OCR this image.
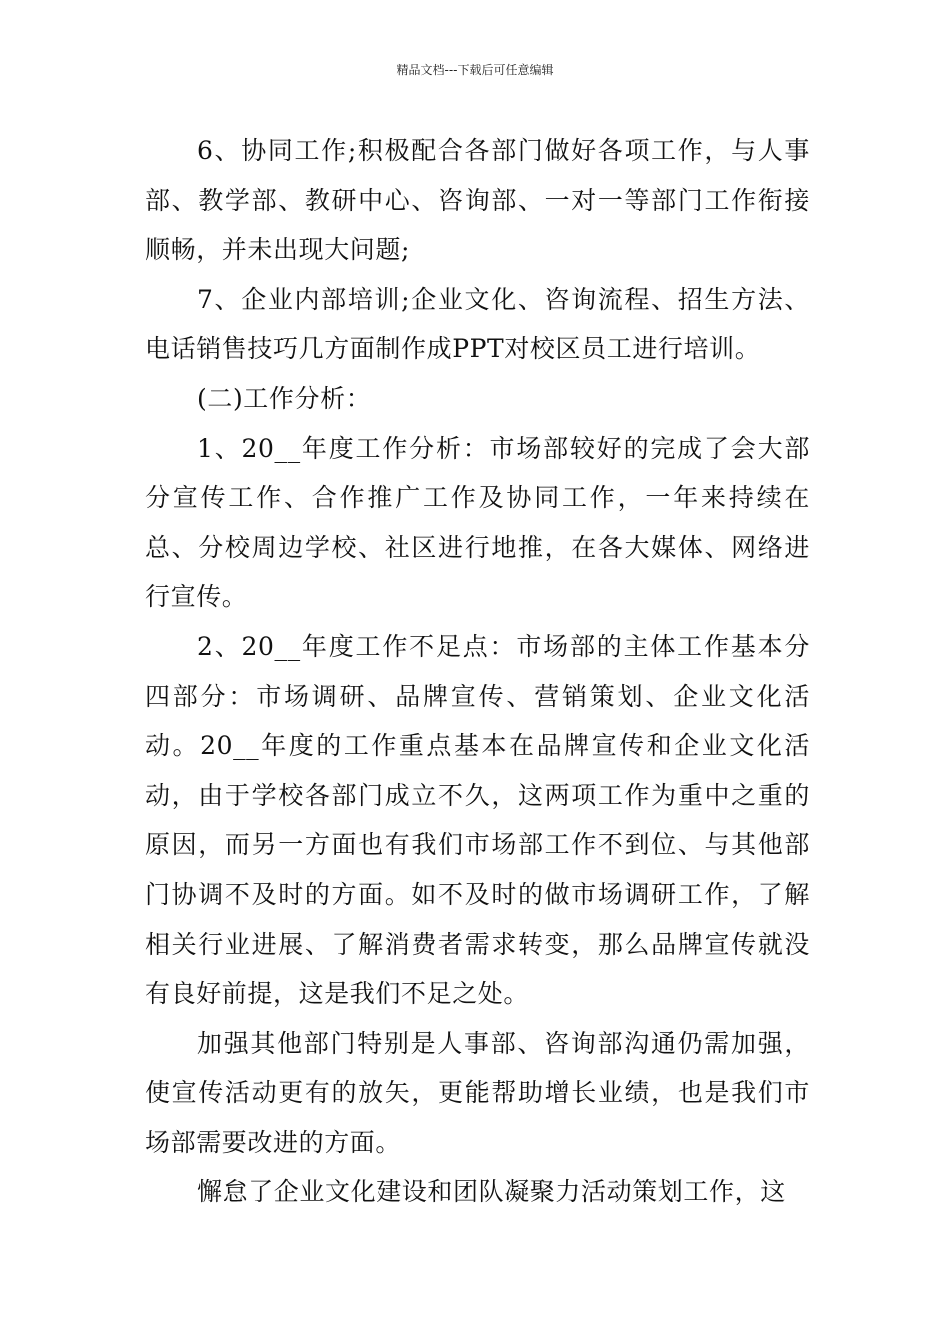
精品文档---下载后可任意编辑

6、协同工作;积极配合各部门做好各项工作，与人事部、教学部、教研中心、咨询部、一对一等部门工作衔接顺畅，并未出现大问题;

7、企业内部培训;企业文化、咨询流程、招生方法、电话销售技巧几方面制作成PPT对校区员工进行培训。

(二)工作分析：

1、20__年度工作分析：市场部较好的完成了会大部分宣传工作、合作推广工作及协同工作，一年来持续在总、分校周边学校、社区进行地推，在各大媒体、网络进行宣传。

2、20__年度工作不足点：市场部的主体工作基本分四部分：市场调研、品牌宣传、营销策划、企业文化活动。20__年度的工作重点基本在品牌宣传和企业文化活动，由于学校各部门成立不久，这两项工作为重中之重的原因，而另一方面也有我们市场部工作不到位、与其他部门协调不及时的方面。如不及时的做市场调研工作，了解相关行业进展、了解消费者需求转变，那么品牌宣传就没有良好前提，这是我们不足之处。

加强其他部门特别是人事部、咨询部沟通仍需加强，使宣传活动更有的放矢，更能帮助增长业绩，也是我们市场部需要改进的方面。

懈怠了企业文化建设和团队凝聚力活动策划工作，这
